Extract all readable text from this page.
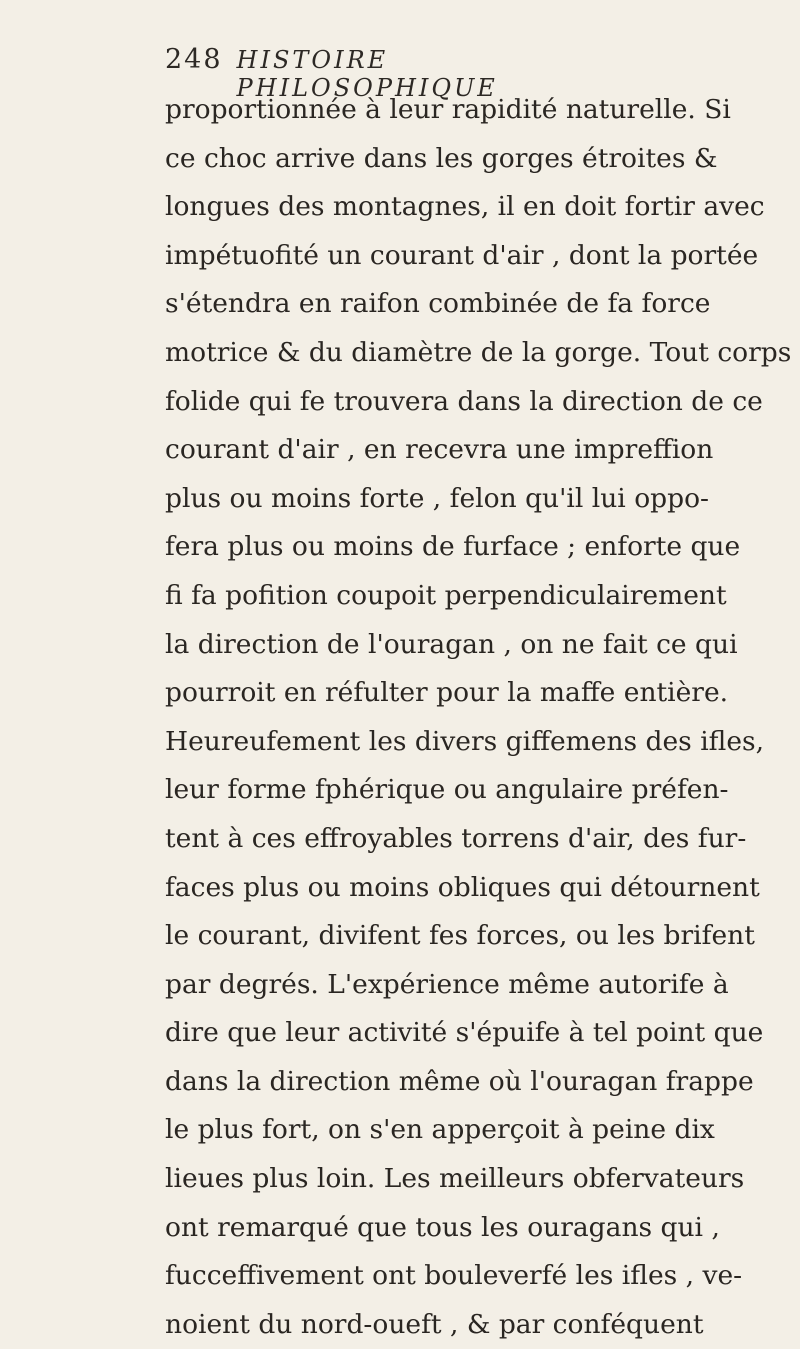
248 HISTOIRE PHILOSOPHIQUE
proportionnée à leur rapidité naturelle. Si
ce choc arrive dans les gorges étroites &
longues des montagnes, il en doit fortir avec
impétuofité un courant d'air , dont la portée
s'étendra en raifon combinée de fa force
motrice & du diamètre de la gorge. Tout corps
folide qui fe trouvera dans la direction de ce
courant d'air , en recevra une impreffion
plus ou moins forte , felon qu'il lui oppo-
fera plus ou moins de furface ; enforte que
fi fa pofition coupoit perpendiculairement
la direction de l'ouragan , on ne fait ce qui
pourroit en réfulter pour la maffe entière.
Heureufement les divers giffemens des ifles,
leur forme fphérique ou angulaire préfen-
tent à ces effroyables torrens d'air, des fur-
faces plus ou moins obliques qui détournent
le courant, divifent fes forces, ou les brifent
par degrés. L'expérience même autorife à
dire que leur activité s'épuife à tel point que
dans la direction même où l'ouragan frappe
le plus fort, on s'en apperçoit à peine dix
lieues plus loin. Les meilleurs obfervateurs
ont remarqué que tous les ouragans qui ,
fucceffivement ont bouleverfé les ifles , ve-
noient du nord-oueft , & par conféquent
